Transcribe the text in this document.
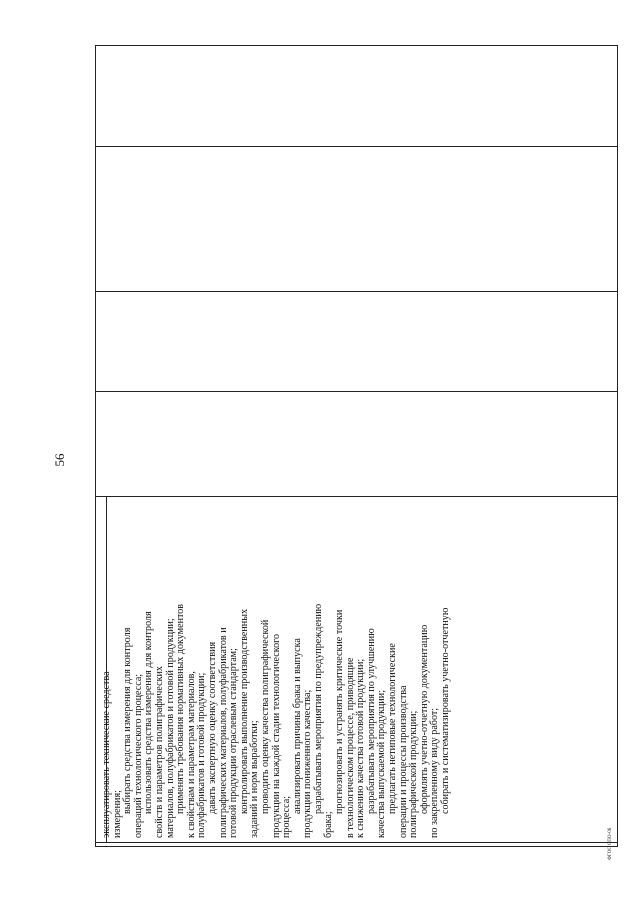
56

эксплуатировать технические средства измерения;

выбирать средства измерения для контроля операций технологического процесса; использовать средства измерения для контроля свойств и параметров полиграфических материалов, полуфабрикатов и готовой продукции; применять требования нормативных документов к свойствам и параметрам материалов, полуфабрикатов и готовой продукции; давать экспертную оценку соответствия полиграфических материалов, полуфабрикатов и готовой продукции отраслевым стандартам; контролировать выполнение производственных заданий и норм выработки; проводить оценку качества полиграфической продукции на каждой стадии технологического процесса;

анализировать причины брака и выпуска продукции пониженного качества; разрабатывать мероприятия по предупреждению

брака;

прогнозировать и устранять критические точки в технологическом процессе, приводящие к снижению качества готовой продукции; разрабатывать мероприятия по улучшению качества выпускаемой продукции; предлагать нетиповые технологические операции и процессы производства полиграфической продукции; оформлять учетно-отчетную документацию по закрепленному виду работ; собирать и систематизировать учетно-отчетную

ФГОС СПО-06
